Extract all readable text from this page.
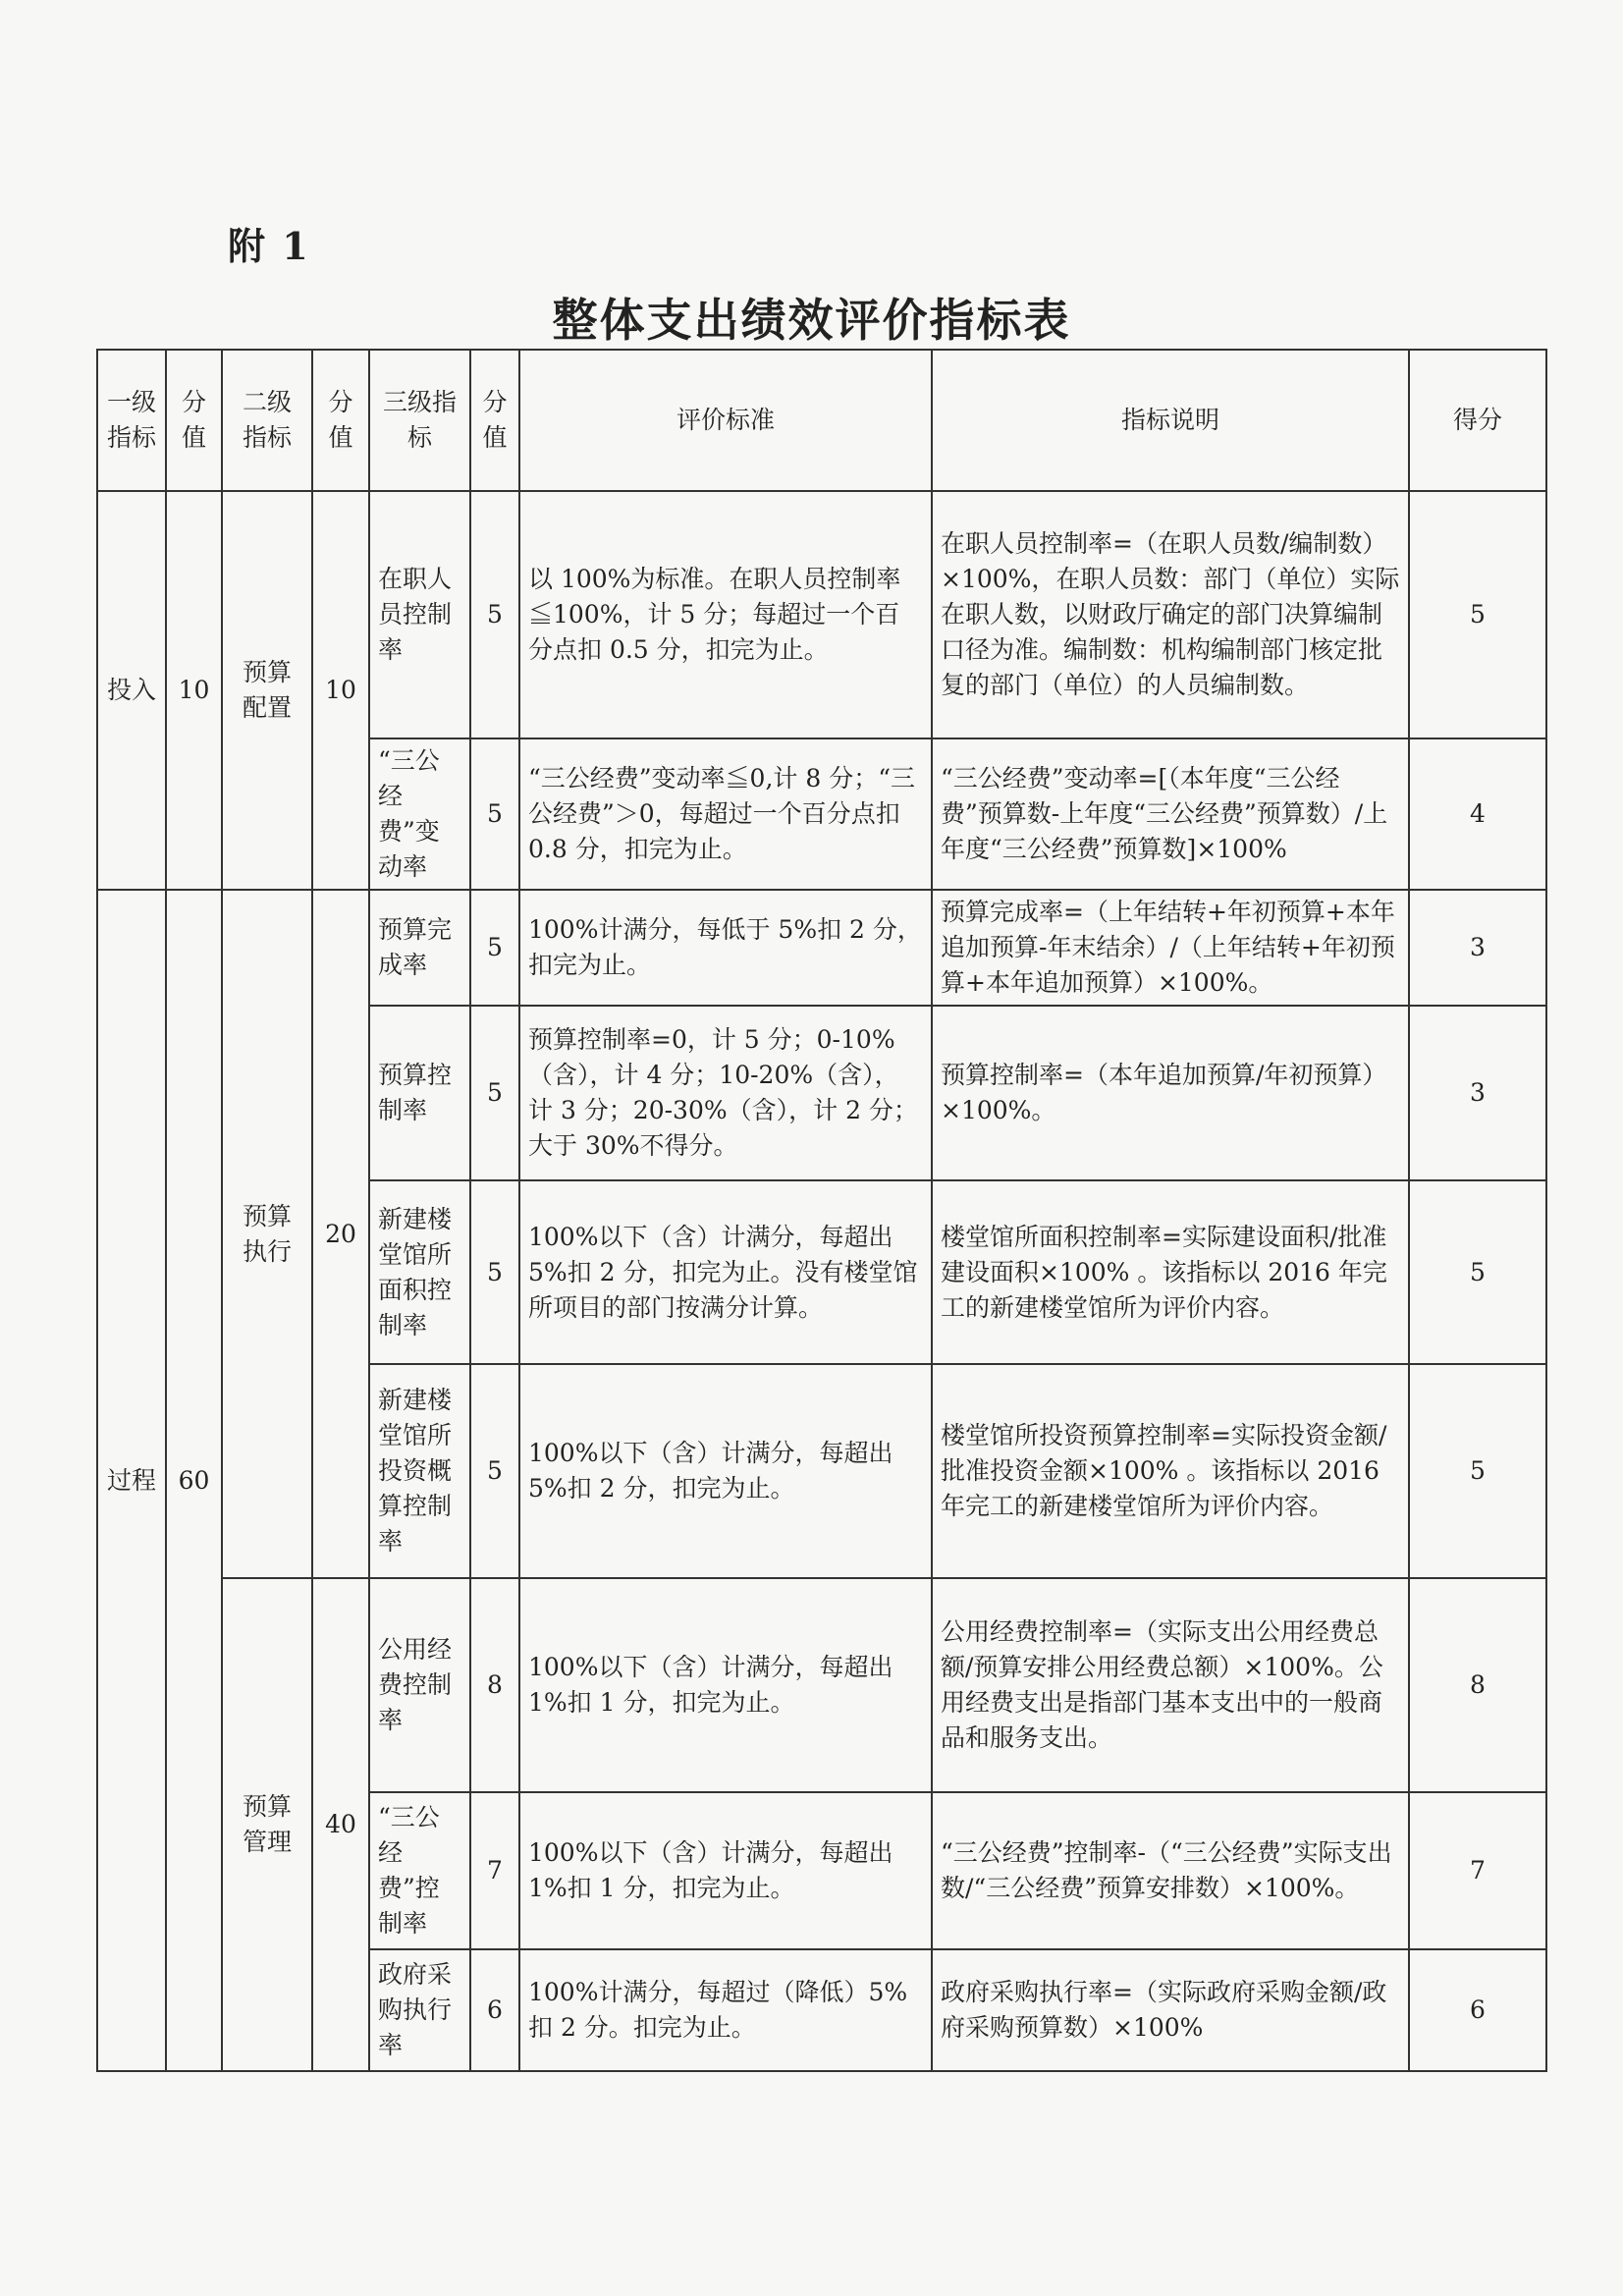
附 1
整体支出绩效评价指标表
一级指标	分值	二级指标	分值	三级指标	分值	评价标准	指标说明	得分
投入	10	预算配置	10	在职人员控制率	5	以 100%为标准。在职人员控制率≦100%，计 5 分；每超过一个百分点扣 0.5 分，扣完为止。	在职人员控制率=（在职人员数/编制数）×100%，在职人员数：部门（单位）实际在职人数，以财政厅确定的部门决算编制口径为准。编制数：机构编制部门核定批复的部门（单位）的人员编制数。	5
				“三公经费”变动率	5	“三公经费”变动率≦0,计 8 分；“三公经费”＞0，每超过一个百分点扣 0.8 分，扣完为止。	“三公经费”变动率=[（本年度“三公经费”预算数-上年度“三公经费”预算数）/上年度“三公经费”预算数]×100%	4
过程	60	预算执行	20	预算完成率	5	100%计满分，每低于 5%扣 2 分，扣完为止。	预算完成率=（上年结转+年初预算+本年追加预算-年末结余）/（上年结转+年初预算+本年追加预算）×100%。	3
				预算控制率	5	预算控制率=0，计 5 分；0-10%（含），计 4 分；10-20%（含），计 3 分；20-30%（含），计 2 分；大于 30%不得分。	预算控制率=（本年追加预算/年初预算）×100%。	3
				新建楼堂馆所面积控制率	5	100%以下（含）计满分，每超出 5%扣 2 分，扣完为止。没有楼堂馆所项目的部门按满分计算。	楼堂馆所面积控制率=实际建设面积/批准建设面积×100% 。该指标以 2016 年完工的新建楼堂馆所为评价内容。	5
				新建楼堂馆所投资概算控制率	5	100%以下（含）计满分，每超出 5%扣 2 分，扣完为止。	楼堂馆所投资预算控制率=实际投资金额/批准投资金额×100% 。该指标以 2016 年完工的新建楼堂馆所为评价内容。	5
		预算管理	40	公用经费控制率	8	100%以下（含）计满分，每超出 1%扣 1 分，扣完为止。	公用经费控制率=（实际支出公用经费总额/预算安排公用经费总额）×100%。公用经费支出是指部门基本支出中的一般商品和服务支出。	8
				“三公经费”控制率	7	100%以下（含）计满分，每超出 1%扣 1 分，扣完为止。	“三公经费”控制率-（“三公经费”实际支出数/“三公经费”预算安排数）×100%。	7
				政府采购执行率	6	100%计满分，每超过（降低）5%扣 2 分。扣完为止。	政府采购执行率=（实际政府采购金额/政府采购预算数）×100%	6
